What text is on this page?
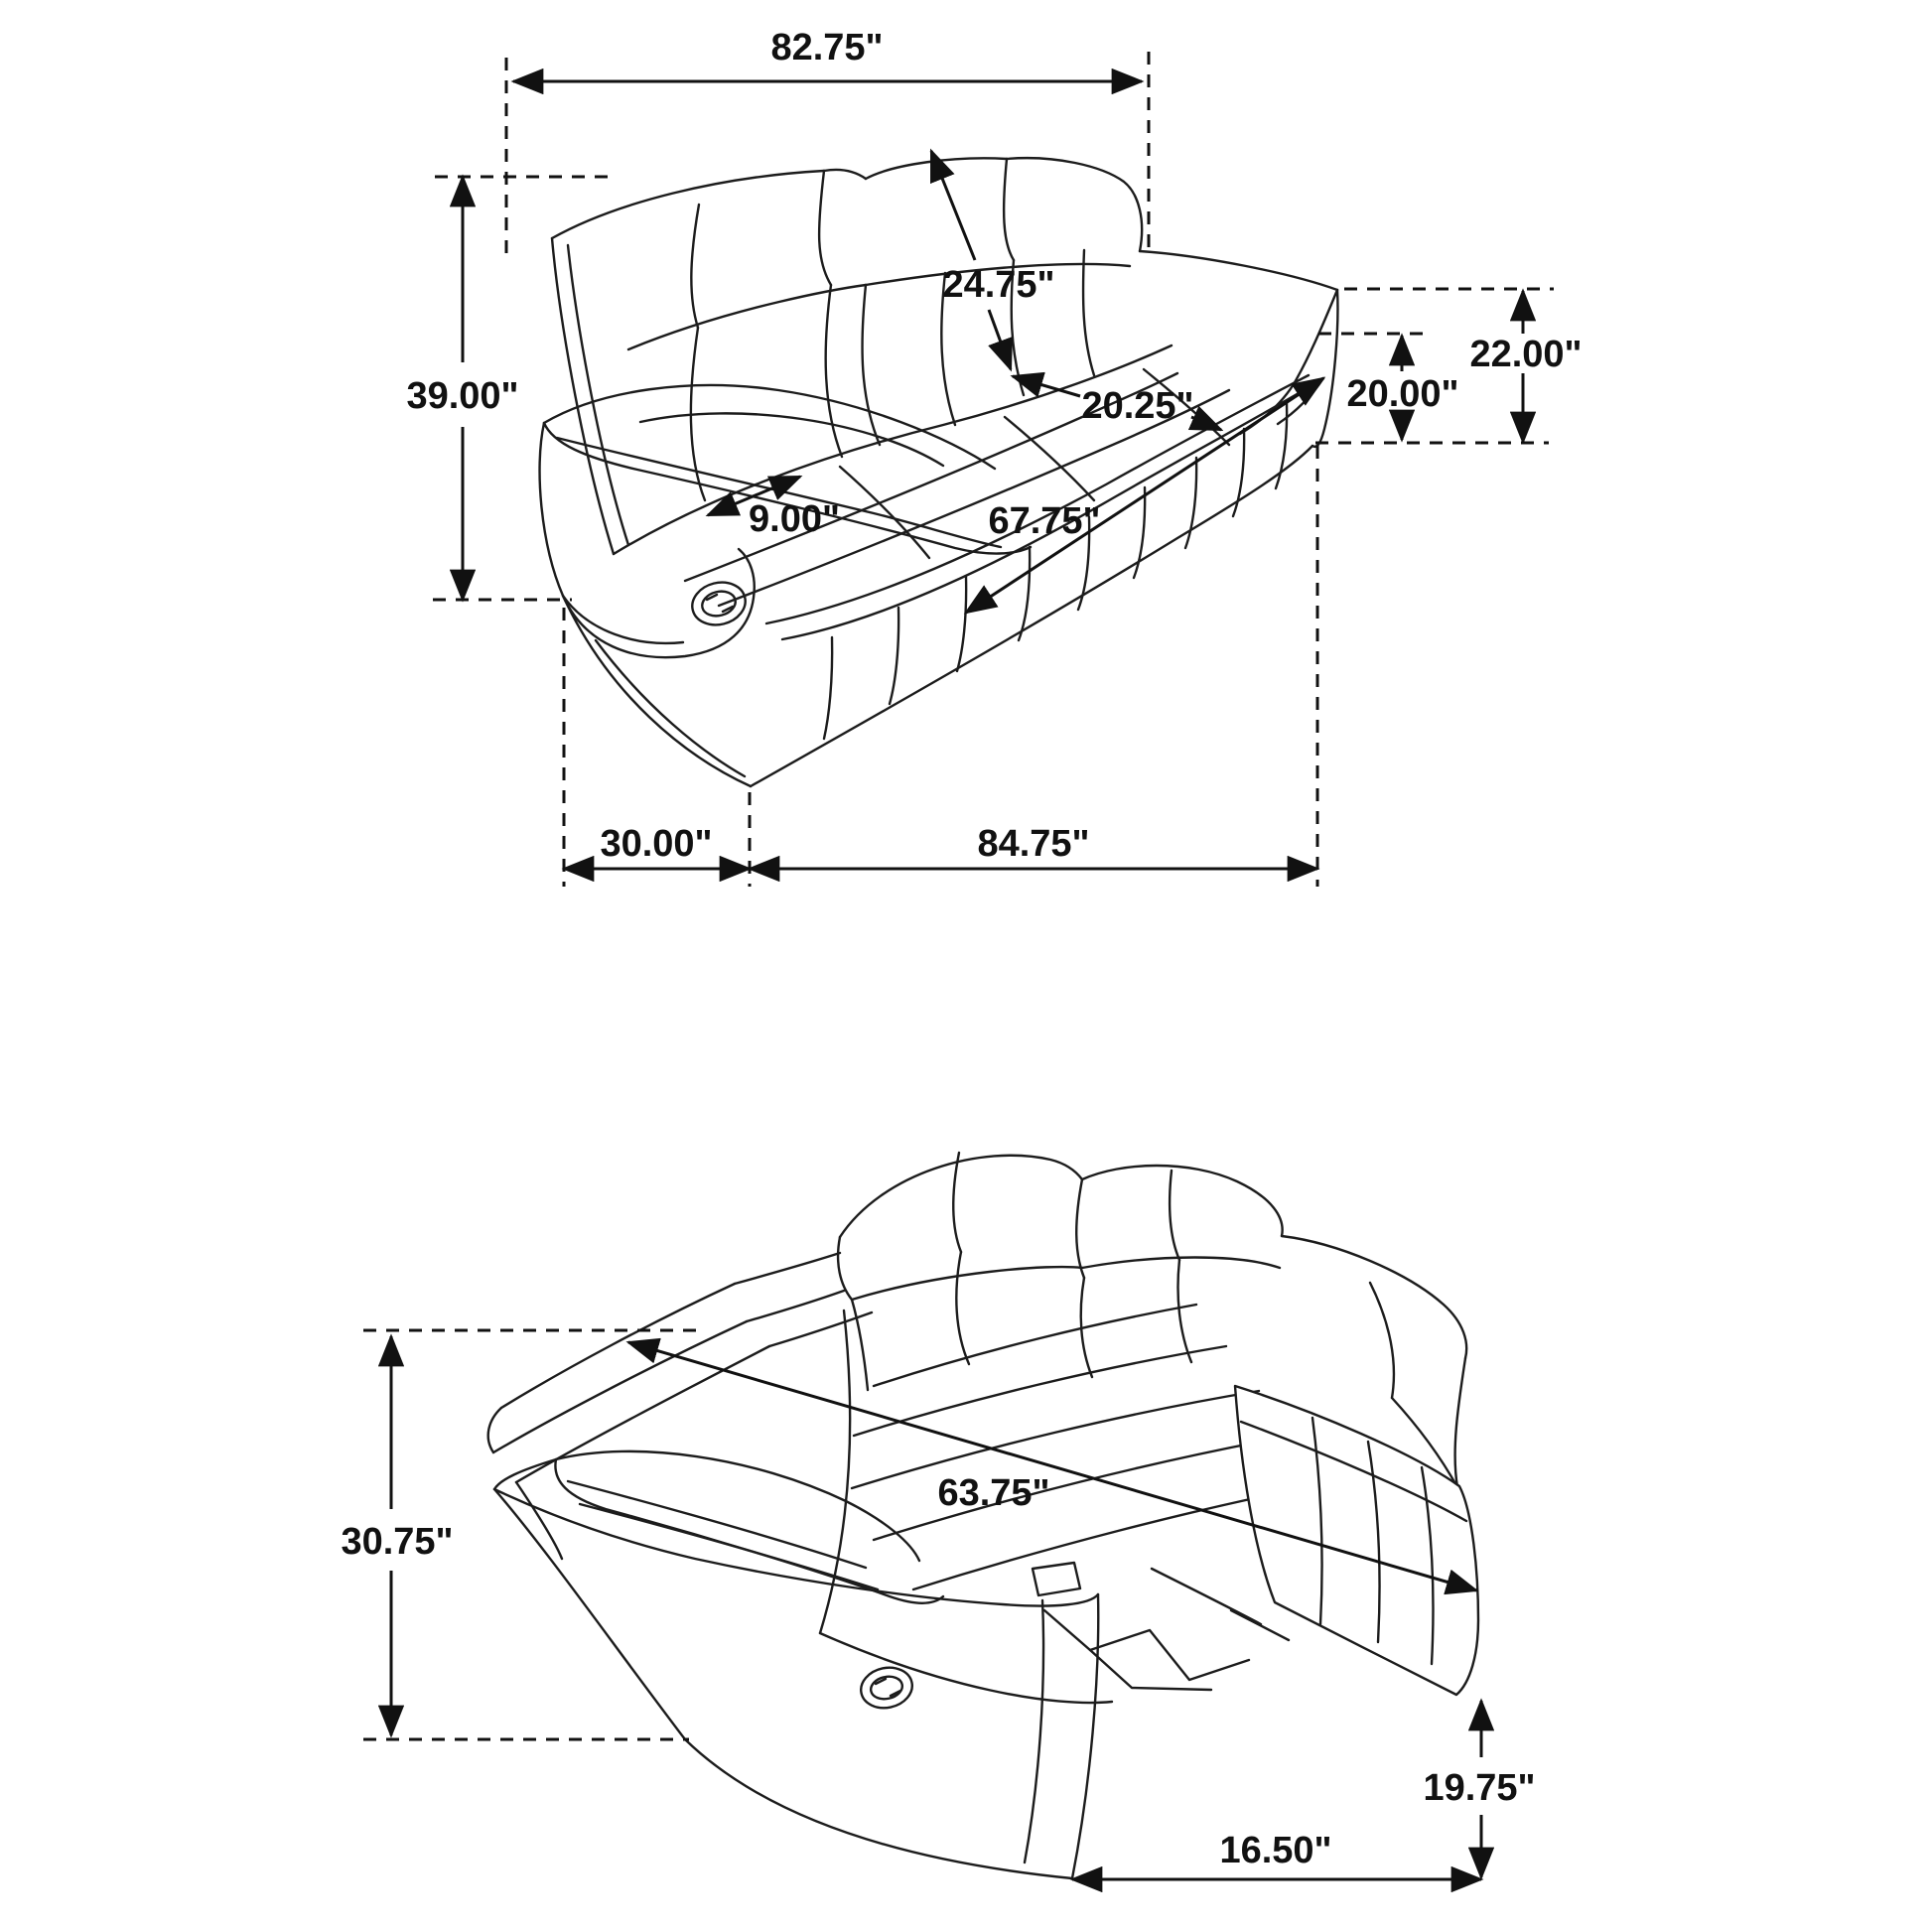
82.75"
39.00"
24.75"
20.25"
9.00"	67.75"
22.00"
20.00"
30.00"	84.75"
30.75"
63.75"
19.75"
16.50"
